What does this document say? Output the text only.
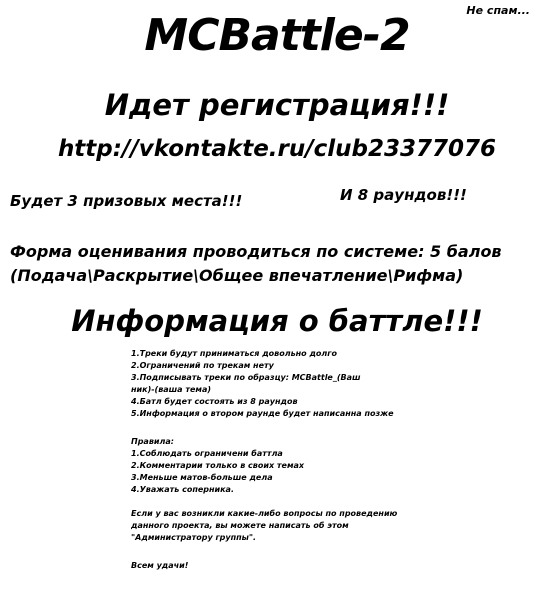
Не спам...
MCBattle-2
Идет регистрация!!!
http://vkontakte.ru/club23377076
Будет 3 призовых места!!!	И 8 раундов!!!
Форма оценивания проводиться по системе: 5 балов
(Подача\Раскрытие\Общее впечатление\Рифма)
Информация о баттле!!!
1.Треки будут приниматься довольно долго
2.Ограничений по трекам нету
3.Подписывать треки по образцу: MCBattle_(Ваш
ник)-(ваша тема)
4.Батл будет состоять из 8 раундов
5.Информация о втором раунде будет написанна позже
Правила:
1.Соблюдать ограничени баттла
2.Комментарии только в своих темах
3.Меньше матов-больше дела
4.Уважать соперника.
Если у вас возникли какие-либо вопросы по проведению
данного проекта, вы можете написать об этом
"Администратору группы".
Всем удачи!
